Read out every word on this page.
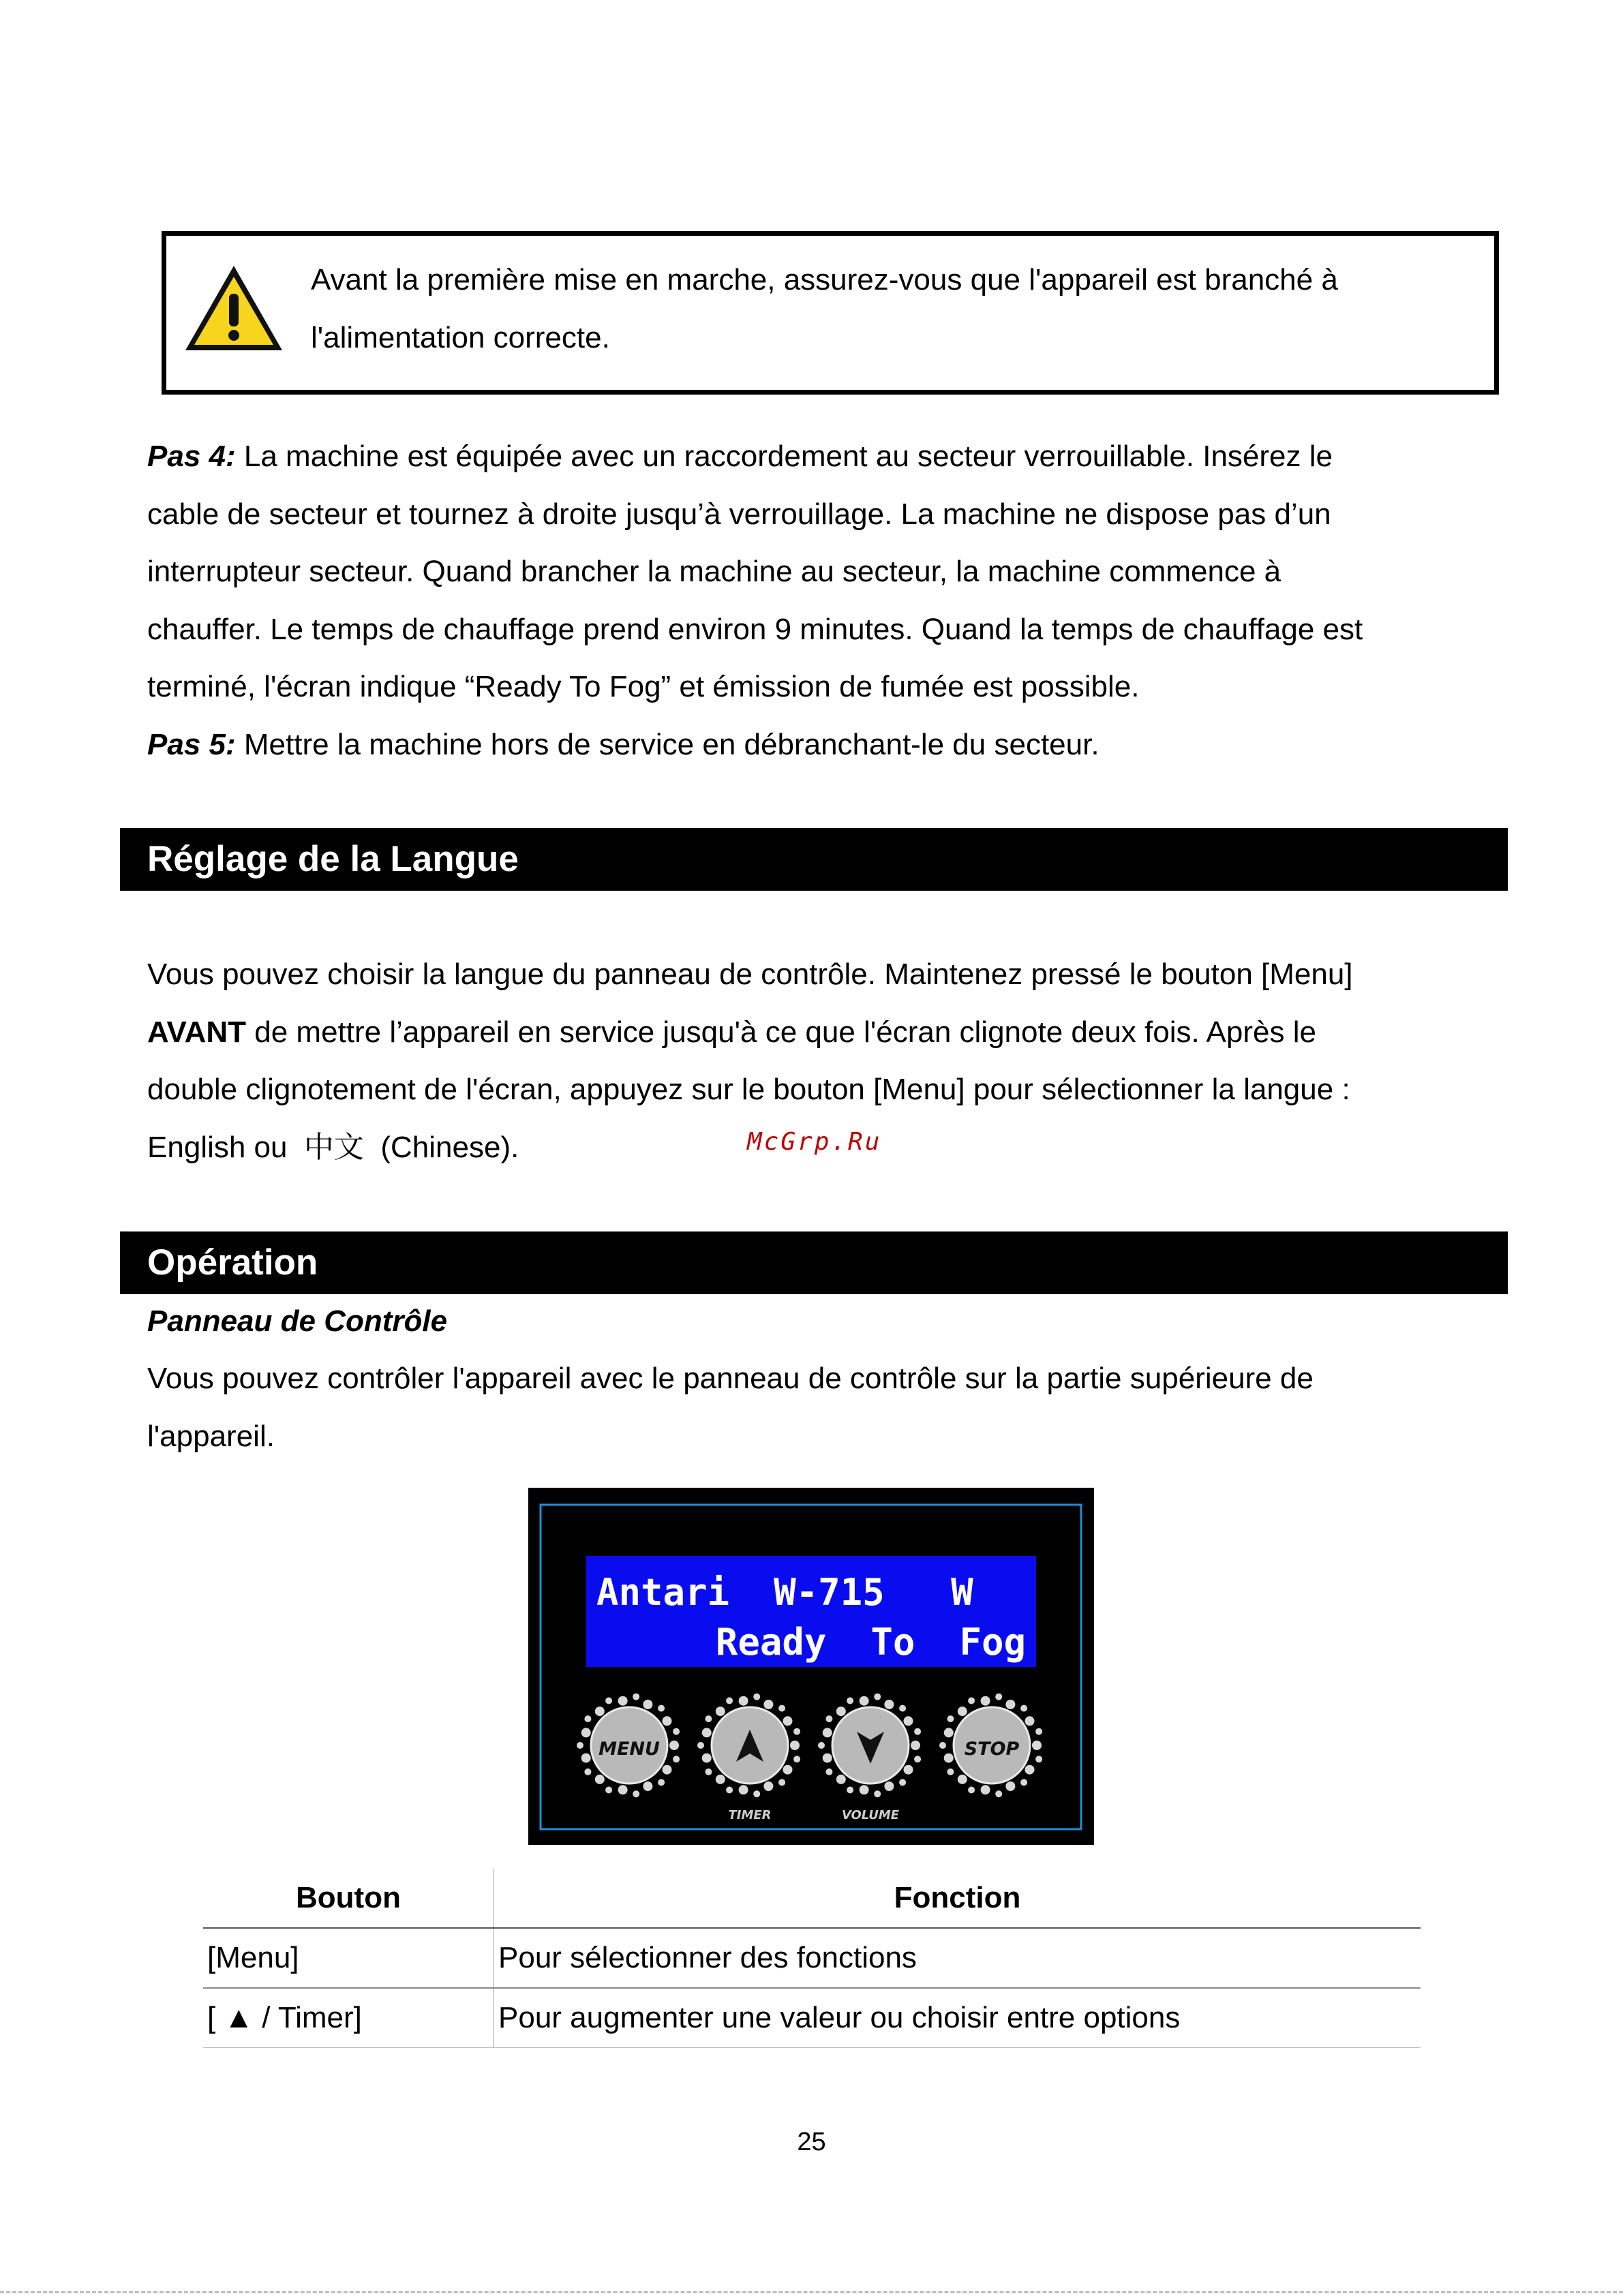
Avant la première mise en marche, assurez-vous que l'appareil est branché à
l'alimentation correcte.
Pas 4: La machine est équipée avec un raccordement au secteur verrouillable. Insérez le
cable de secteur et tournez à droite jusqu’à verrouillage. La machine ne dispose pas d’un
interrupteur secteur. Quand brancher la machine au secteur, la machine commence à
chauffer. Le temps de chauffage prend environ 9 minutes. Quand la temps de chauffage est
terminé, l'écran indique “Ready To Fog” et émission de fumée est possible.
Pas 5: Mettre la machine hors de service en débranchant-le du secteur.
Réglage de la Langue
Vous pouvez choisir la langue du panneau de contrôle. Maintenez pressé le bouton [Menu]
AVANT de mettre l’appareil en service jusqu'à ce que l'écran clignote deux fois. Après le
double clignotement de l'écran, appuyez sur le bouton [Menu] pour sélectionner la langue :
English ou  中文  (Chinese).	McGrp.Ru
Opération
Panneau de Contrôle
Vous pouvez contrôler l'appareil avec le panneau de contrôle sur la partie supérieure de
l'appareil.
Antari  W-715   W
Ready  To  Fog
MENU	STOP
TIMER	VOLUME
Bouton	Fonction
[Menu]	Pour sélectionner des fonctions
[ ▲ / Timer]	Pour augmenter une valeur ou choisir entre options
25
